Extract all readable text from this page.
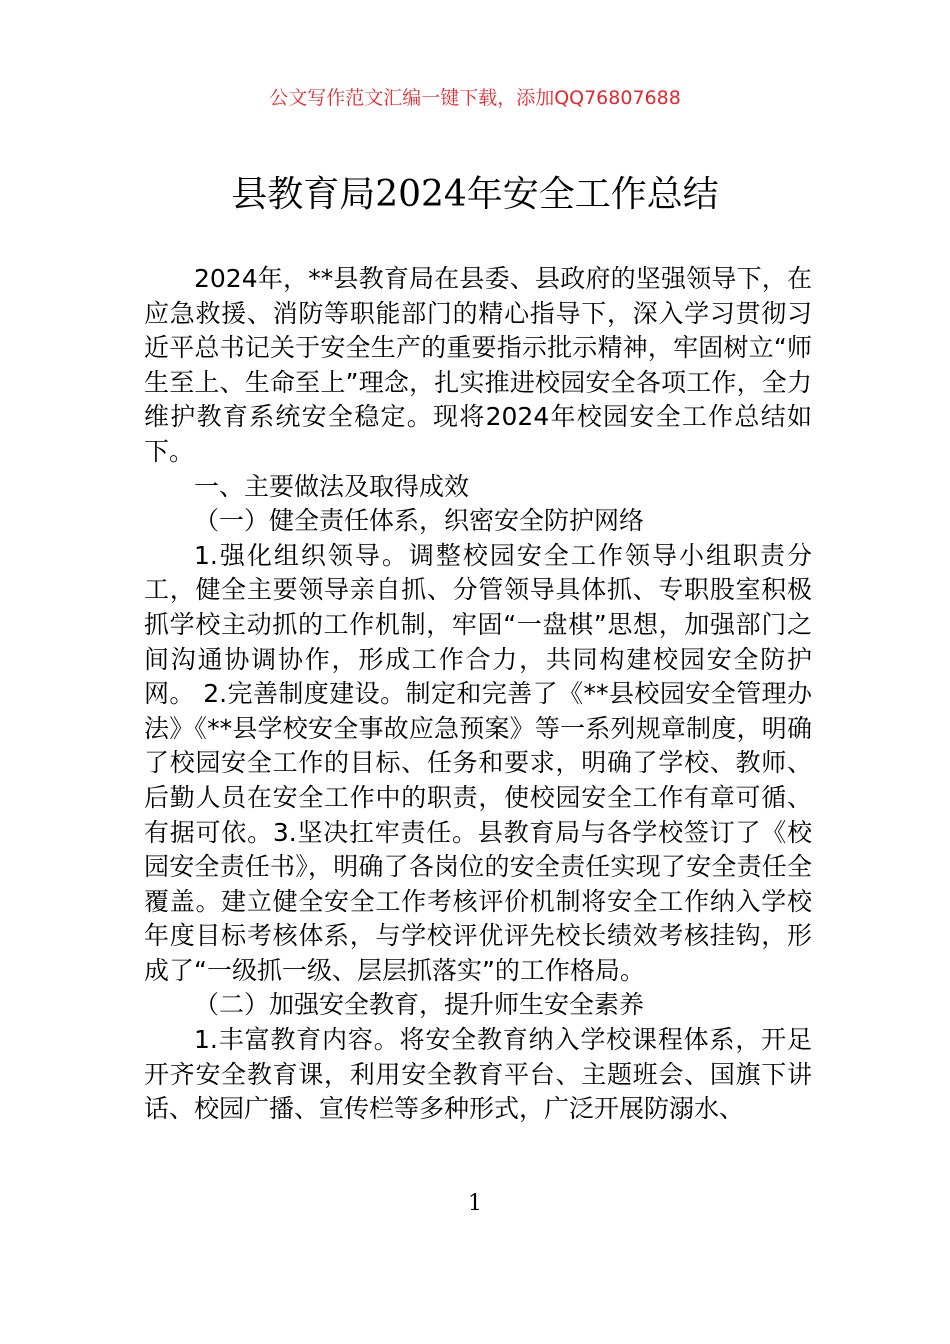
公文写作范文汇编一键下载，添加QQ76807688
县教育局2024年安全工作总结

2024年，**县教育局在县委、县政府的坚强领导下，在应急救援、消防等职能部门的精心指导下，深入学习贯彻习近平总书记关于安全生产的重要指示批示精神，牢固树立“师生至上、生命至上”理念，扎实推进校园安全各项工作，全力维护教育系统安全稳定。现将2024年校园安全工作总结如下。

一、主要做法及取得成效

（一）健全责任体系，织密安全防护网络

1.强化组织领导。调整校园安全工作领导小组职责分工，健全主要领导亲自抓、分管领导具体抓、专职股室积极抓学校主动抓的工作机制，牢固“一盘棋”思想，加强部门之间沟通协调协作，形成工作合力，共同构建校园安全防护网。 2.完善制度建设。制定和完善了《**县校园安全管理办法》《**县学校安全事故应急预案》等一系列规章制度，明确了校园安全工作的目标、任务和要求，明确了学校、教师、后勤人员在安全工作中的职责，使校园安全工作有章可循、有据可依。3.坚决扛牢责任。县教育局与各学校签订了《校园安全责任书》，明确了各岗位的安全责任实现了安全责任全覆盖。建立健全安全工作考核评价机制将安全工作纳入学校年度目标考核体系，与学校评优评先校长绩效考核挂钩，形成了“一级抓一级、层层抓落实”的工作格局。

（二）加强安全教育，提升师生安全素养

1.丰富教育内容。将安全教育纳入学校课程体系，开足开齐安全教育课，利用安全教育平台、主题班会、国旗下讲话、校园广播、宣传栏等多种形式，广泛开展防溺水、

1
